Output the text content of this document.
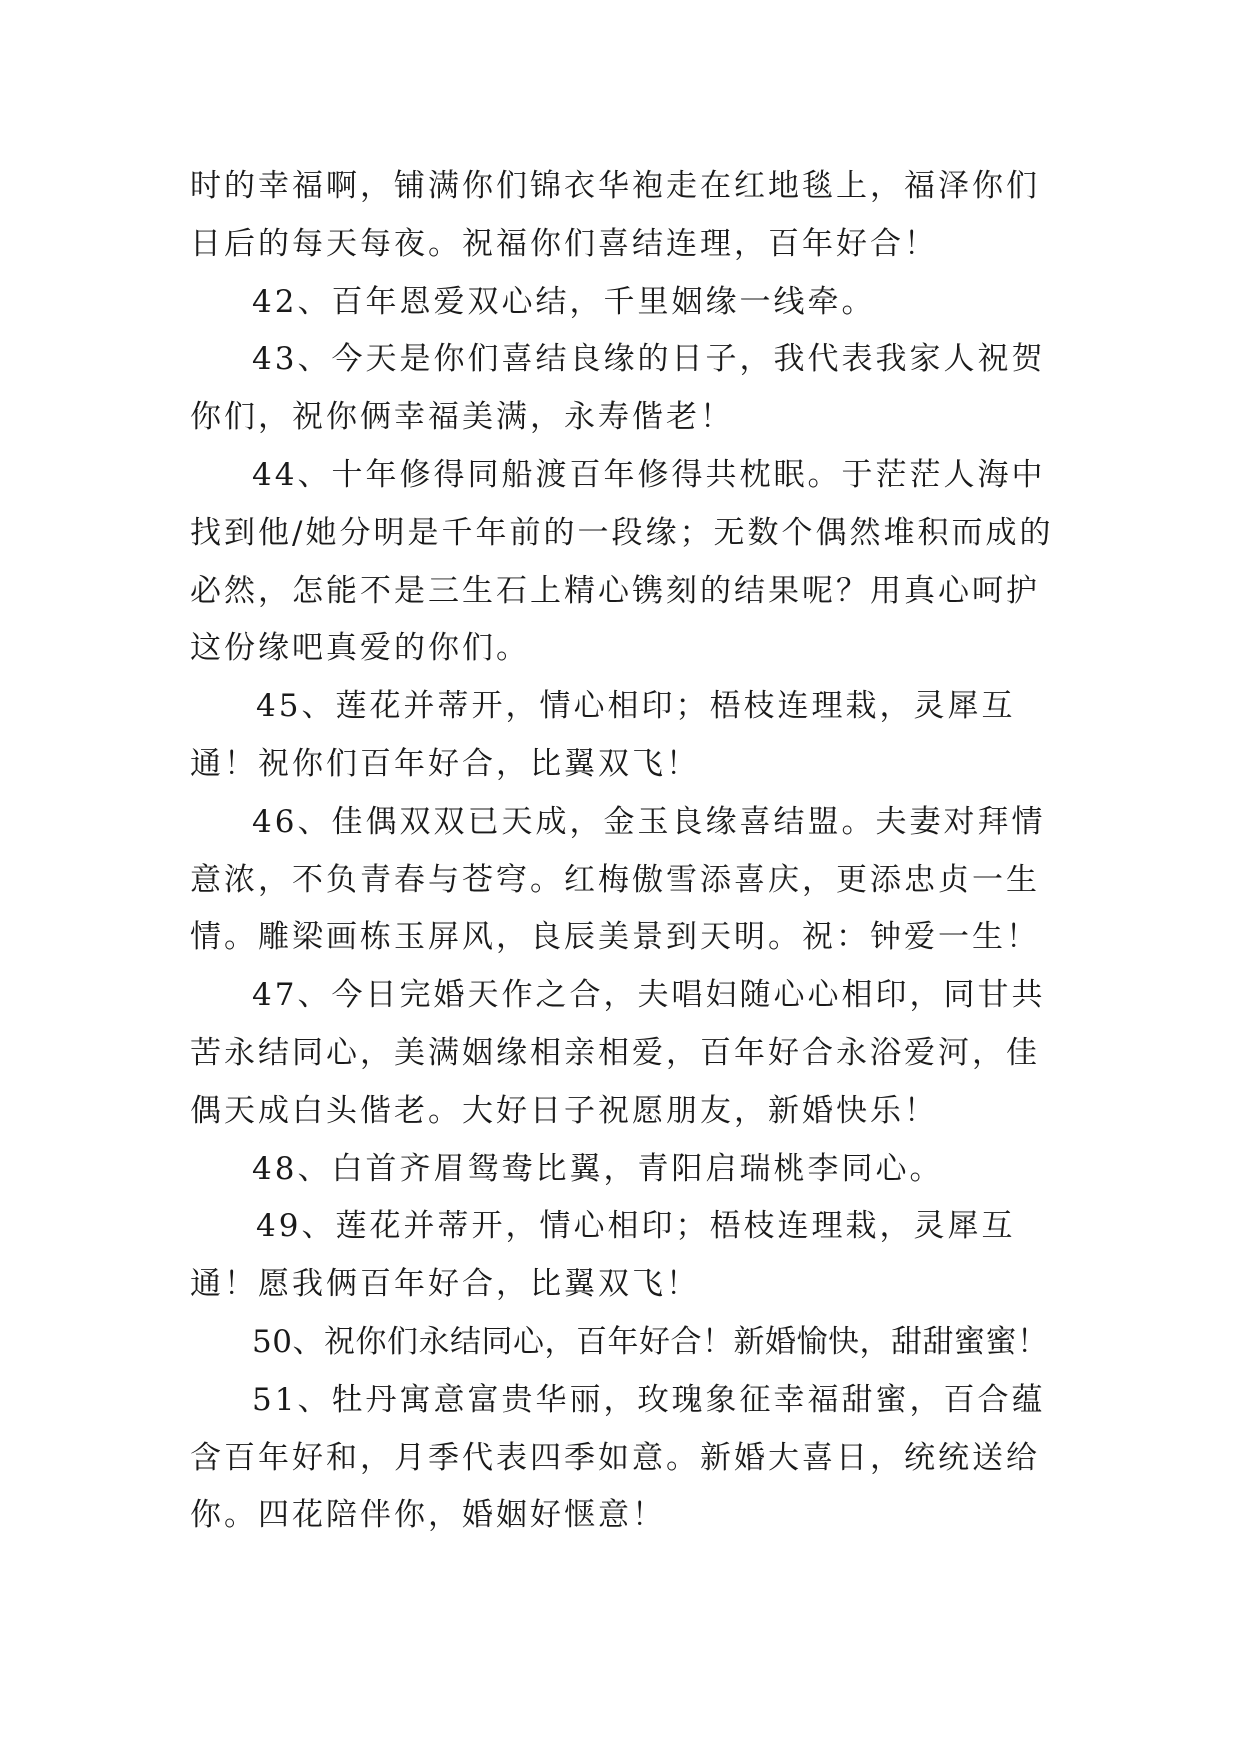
时的幸福啊，铺满你们锦衣华袍走在红地毯上，福泽你们日后的每天每夜。祝福你们喜结连理，百年好合！

42、百年恩爱双心结，千里姻缘一线牵。

43、今天是你们喜结良缘的日子，我代表我家人祝贺你们，祝你俩幸福美满，永寿偕老！

44、十年修得同船渡百年修得共枕眠。于茫茫人海中找到他/她分明是千年前的一段缘；无数个偶然堆积而成的必然，怎能不是三生石上精心镌刻的结果呢？用真心呵护这份缘吧真爱的你们。

45、莲花并蒂开，情心相印；梧枝连理栽，灵犀互通！祝你们百年好合，比翼双飞！

46、佳偶双双已天成，金玉良缘喜结盟。夫妻对拜情意浓，不负青春与苍穹。红梅傲雪添喜庆，更添忠贞一生情。雕梁画栋玉屏风，良辰美景到天明。祝：钟爱一生！

47、今日完婚天作之合，夫唱妇随心心相印，同甘共苦永结同心，美满姻缘相亲相爱，百年好合永浴爱河，佳偶天成白头偕老。大好日子祝愿朋友，新婚快乐！

48、白首齐眉鸳鸯比翼，青阳启瑞桃李同心。

49、莲花并蒂开，情心相印；梧枝连理栽，灵犀互通！愿我俩百年好合，比翼双飞！

50、祝你们永结同心，百年好合！新婚愉快，甜甜蜜蜜！

51、牡丹寓意富贵华丽，玫瑰象征幸福甜蜜，百合蕴含百年好和，月季代表四季如意。新婚大喜日，统统送给你。四花陪伴你，婚姻好惬意！
